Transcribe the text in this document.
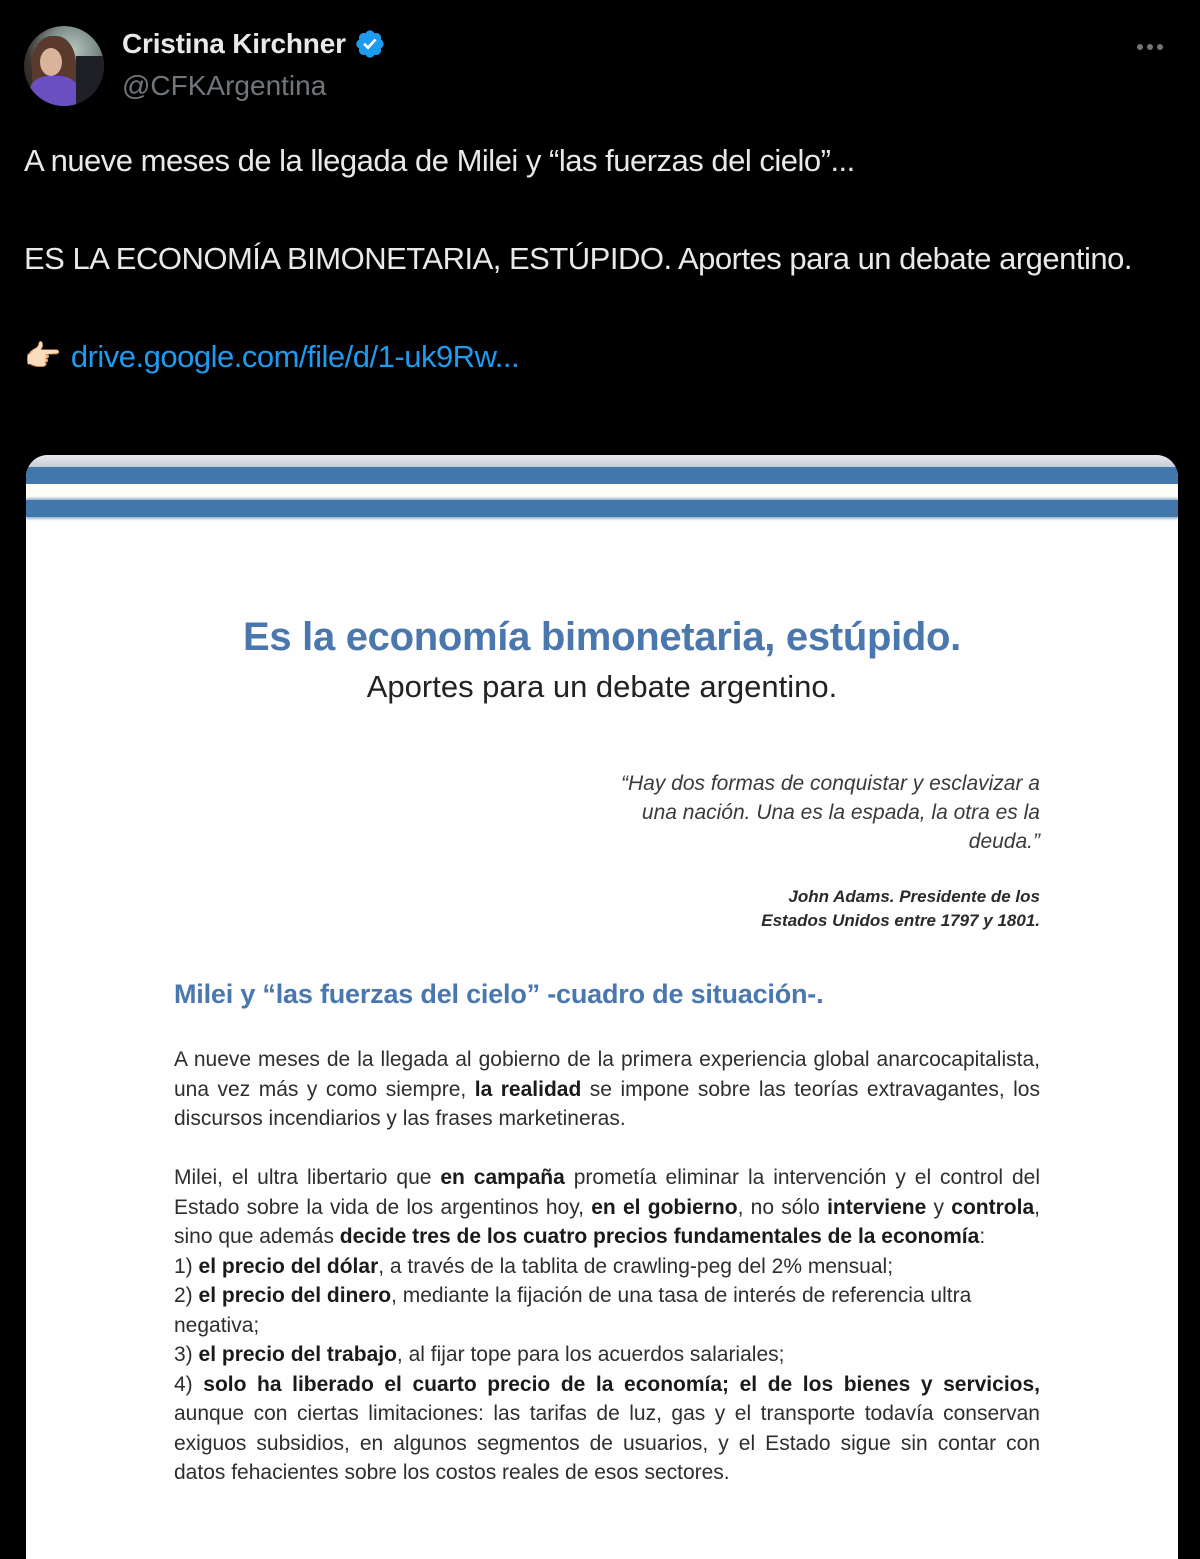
Cristina Kirchner
@CFKArgentina

A nueve meses de la llegada de Milei y “las fuerzas del cielo”...

ES LA ECONOMÍA BIMONETARIA, ESTÚPIDO. Aportes para un debate argentino.

👉🏻 drive.google.com/file/d/1-uk9Rw...

Es la economía bimonetaria, estúpido.
Aportes para un debate argentino.
“Hay dos formas de conquistar y esclavizar a una nación. Una es la espada, la otra es la deuda.”
John Adams. Presidente de los
Estados Unidos entre 1797 y 1801.
Milei y “las fuerzas del cielo” -cuadro de situación-.
A nueve meses de la llegada al gobierno de la primera experiencia global anarcocapitalista, una vez más y como siempre, la realidad se impone sobre las teorías extravagantes, los discursos incendiarios y las frases marketineras.
Milei, el ultra libertario que en campaña prometía eliminar la intervención y el control del Estado sobre la vida de los argentinos hoy, en el gobierno, no sólo interviene y controla, sino que además decide tres de los cuatro precios fundamentales de la economía:
1) el precio del dólar, a través de la tablita de crawling-peg del 2% mensual;
2) el precio del dinero, mediante la fijación de una tasa de interés de referencia ultra negativa;
3) el precio del trabajo, al fijar tope para los acuerdos salariales;
4) solo ha liberado el cuarto precio de la economía; el de los bienes y servicios, aunque con ciertas limitaciones: las tarifas de luz, gas y el transporte todavía conservan exiguos subsidios, en algunos segmentos de usuarios, y el Estado sigue sin contar con datos fehacientes sobre los costos reales de esos sectores.
